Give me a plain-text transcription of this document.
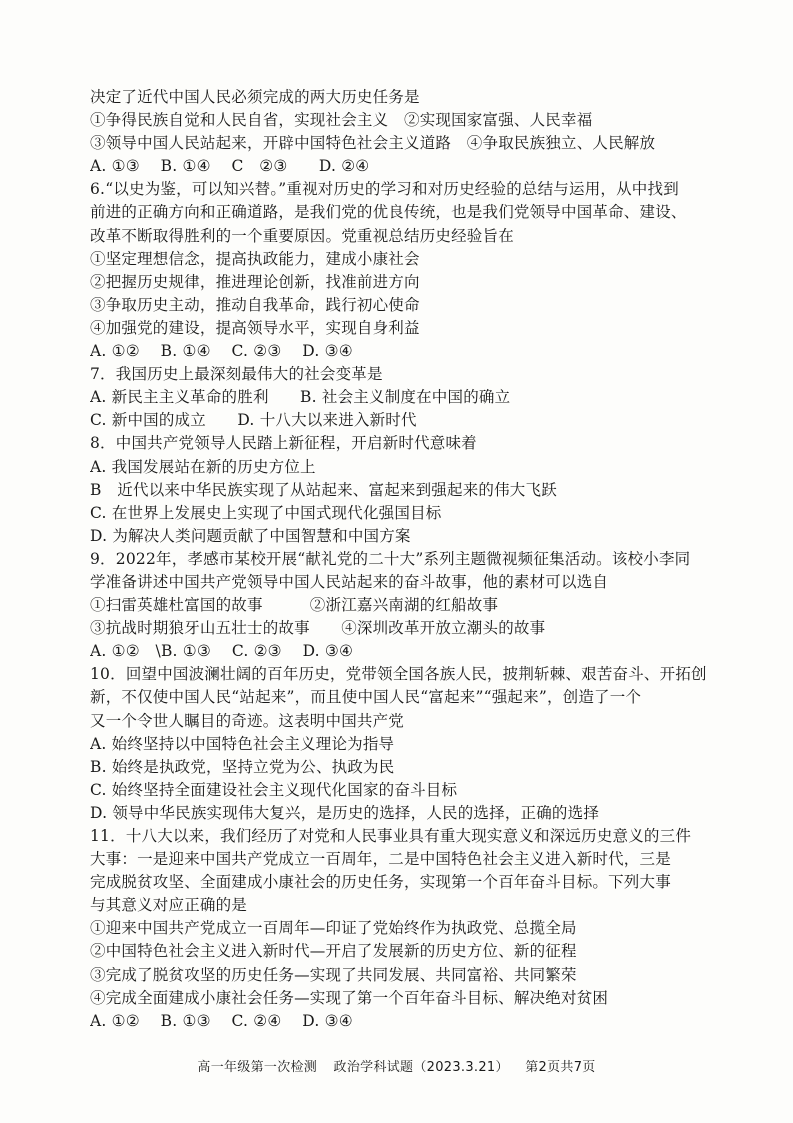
决定了近代中国人民必须完成的两大历史任务是
①争得民族自觉和人民自省，实现社会主义　②实现国家富强、人民幸福
③领导中国人民站起来，开辟中国特色社会主义道路　④争取民族独立、人民解放
A. ①③　 B. ①④　 C　②③　　D. ②④
6.“以史为鉴，可以知兴替。”重视对历史的学习和对历史经验的总结与运用，从中找到
前进的正确方向和正确道路，是我们党的优良传统，也是我们党领导中国革命、建设、
改革不断取得胜利的一个重要原因。党重视总结历史经验旨在
①坚定理想信念，提高执政能力，建成小康社会
②把握历史规律，推进理论创新，找准前进方向
③争取历史主动，推动自我革命，践行初心使命
④加强党的建设，提高领导水平，实现自身利益
A. ①②　 B. ①④　 C. ②③　 D. ③④
7．我国历史上最深刻最伟大的社会变革是
A. 新民主主义革命的胜利　　B. 社会主义制度在中国的确立
C. 新中国的成立　　D. 十八大以来进入新时代
8．中国共产党领导人民踏上新征程，开启新时代意味着
A. 我国发展站在新的历史方位上
B　近代以来中华民族实现了从站起来、富起来到强起来的伟大飞跃
C. 在世界上发展史上实现了中国式现代化强国目标
D. 为解决人类问题贡献了中国智慧和中国方案
9．2022年，孝感市某校开展“献礼党的二十大”系列主题微视频征集活动。该校小李同
学准备讲述中国共产党领导中国人民站起来的奋斗故事，他的素材可以选自
①扫雷英雄杜富国的故事　　　②浙江嘉兴南湖的红船故事
③抗战时期狼牙山五壮士的故事　　④深圳改革开放立潮头的故事
A. ①②　\B. ①③　 C. ②③　 D. ③④
10．回望中国波澜壮阔的百年历史，党带领全国各族人民，披荆斩棘、艰苦奋斗、开拓创
新，不仅使中国人民“站起来”，而且使中国人民“富起来”“强起来”，创造了一个
又一个令世人瞩目的奇迹。这表明中国共产党
A. 始终坚持以中国特色社会主义理论为指导
B. 始终是执政党，坚持立党为公、执政为民
C. 始终坚持全面建设社会主义现代化国家的奋斗目标
D. 领导中华民族实现伟大复兴，是历史的选择，人民的选择，正确的选择
11．十八大以来，我们经历了对党和人民事业具有重大现实意义和深远历史意义的三件
大事：一是迎来中国共产党成立一百周年，二是中国特色社会主义进入新时代，三是
完成脱贫攻坚、全面建成小康社会的历史任务，实现第一个百年奋斗目标。下列大事
与其意义对应正确的是
①迎来中国共产党成立一百周年—印证了党始终作为执政党、总揽全局
②中国特色社会主义进入新时代—开启了发展新的历史方位、新的征程
③完成了脱贫攻坚的历史任务—实现了共同发展、共同富裕、共同繁荣
④完成全面建成小康社会任务—实现了第一个百年奋斗目标、解决绝对贫困
A. ①②　 B. ①③　 C. ②④　 D. ③④
高一年级第一次检测 政治学科试题（2023.3.21） 第2页共7页
